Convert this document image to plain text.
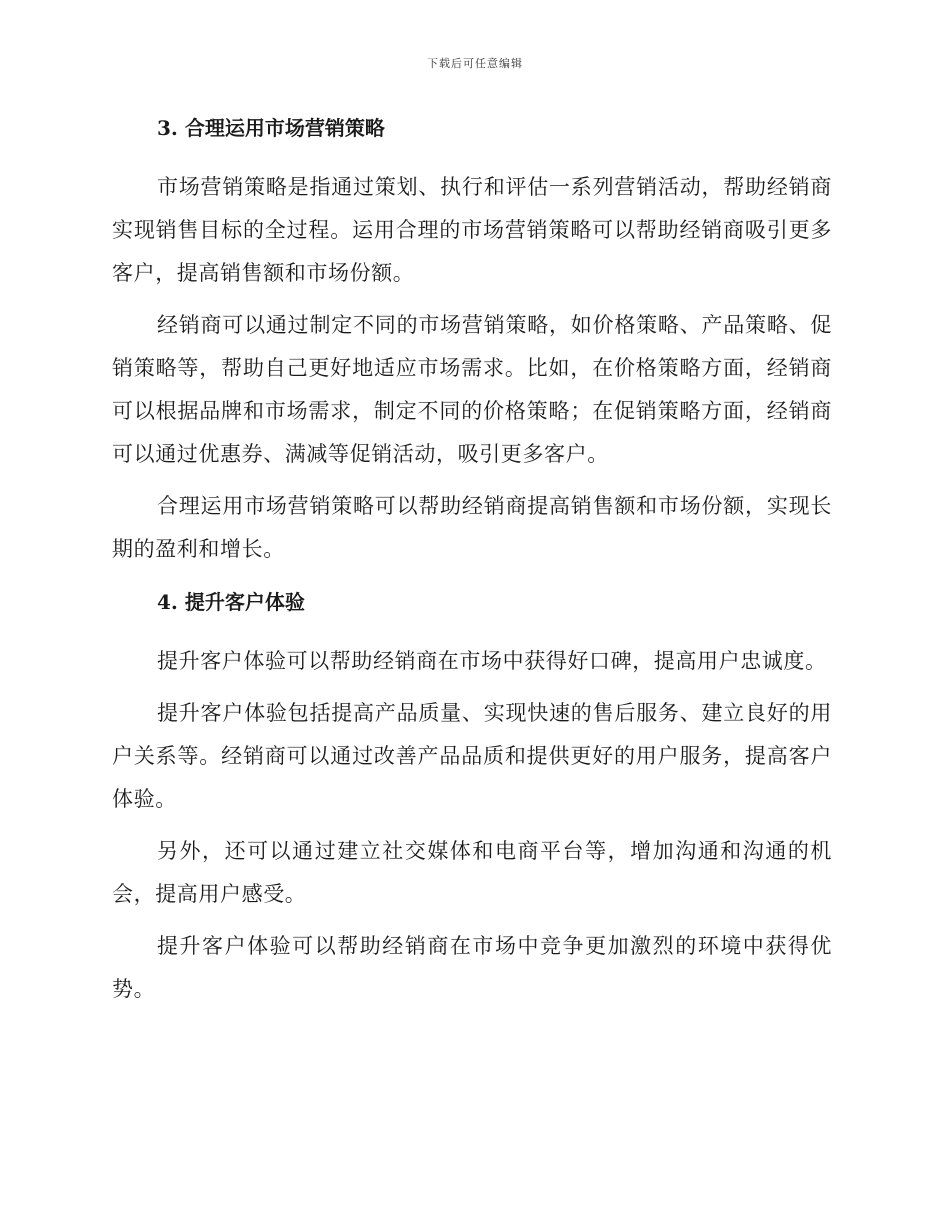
下载后可任意编辑
3. 合理运用市场营销策略

市场营销策略是指通过策划、执行和评估一系列营销活动，帮助经销商实现销售目标的全过程。运用合理的市场营销策略可以帮助经销商吸引更多客户，提高销售额和市场份额。

经销商可以通过制定不同的市场营销策略，如价格策略、产品策略、促销策略等，帮助自己更好地适应市场需求。比如，在价格策略方面，经销商可以根据品牌和市场需求，制定不同的价格策略；在促销策略方面，经销商可以通过优惠券、满减等促销活动，吸引更多客户。

合理运用市场营销策略可以帮助经销商提高销售额和市场份额，实现长期的盈利和增长。

4. 提升客户体验

提升客户体验可以帮助经销商在市场中获得好口碑，提高用户忠诚度。

提升客户体验包括提高产品质量、实现快速的售后服务、建立良好的用户关系等。经销商可以通过改善产品品质和提供更好的用户服务，提高客户体验。

另外，还可以通过建立社交媒体和电商平台等，增加沟通和沟通的机会，提高用户感受。

提升客户体验可以帮助经销商在市场中竞争更加激烈的环境中获得优势。
